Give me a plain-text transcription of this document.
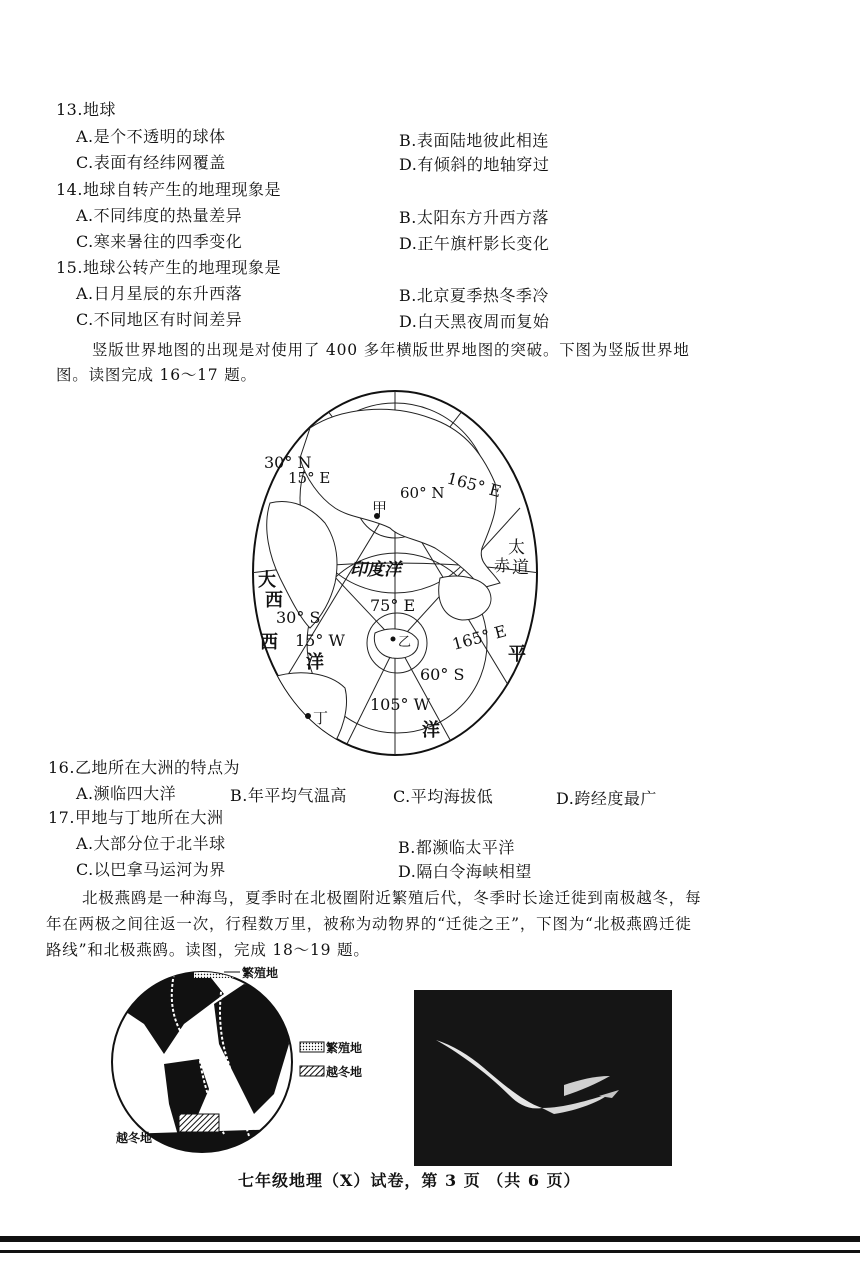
13.地球
A.是个不透明的球体	B.表面陆地彼此相连
C.表面有经纬网覆盖	D.有倾斜的地轴穿过
14.地球自转产生的地理现象是
A.不同纬度的热量差异	B.太阳东方升西方落
C.寒来暑往的四季变化	D.正午旗杆影长变化
15.地球公转产生的地理现象是
A.日月星辰的东升西落	B.北京夏季热冬季冷
C.不同地区有时间差异	D.白天黑夜周而复始
竖版世界地图的出现是对使用了 400 多年横版世界地图的突破。下图为竖版世界地
图。读图完成 16～17 题。
30° N
15° E	165° E
60° N
甲
印度洋
太
道
赤
大
西
30° S
75° E
西 15° W
洋
165° E
平
60° S
105° W
洋
丁
乙
16.乙地所在大洲的特点为
A.濒临四大洋	B.年平均气温高	C.平均海拔低	D.跨经度最广
17.甲地与丁地所在大洲
A.大部分位于北半球	B.都濒临太平洋
C.以巴拿马运河为界	D.隔白令海峡相望
北极燕鸥是一种海鸟，夏季时在北极圈附近繁殖后代，冬季时长途迁徙到南极越冬，每
年在两极之间往返一次，行程数万里，被称为动物界的“迁徙之王”，下图为“北极燕鸥迁徙
路线”和北极燕鸥。读图，完成 18～19 题。
繁殖地
繁殖地
越冬地
越冬地
七年级地理（X）试卷，第 3 页 （共 6 页）
